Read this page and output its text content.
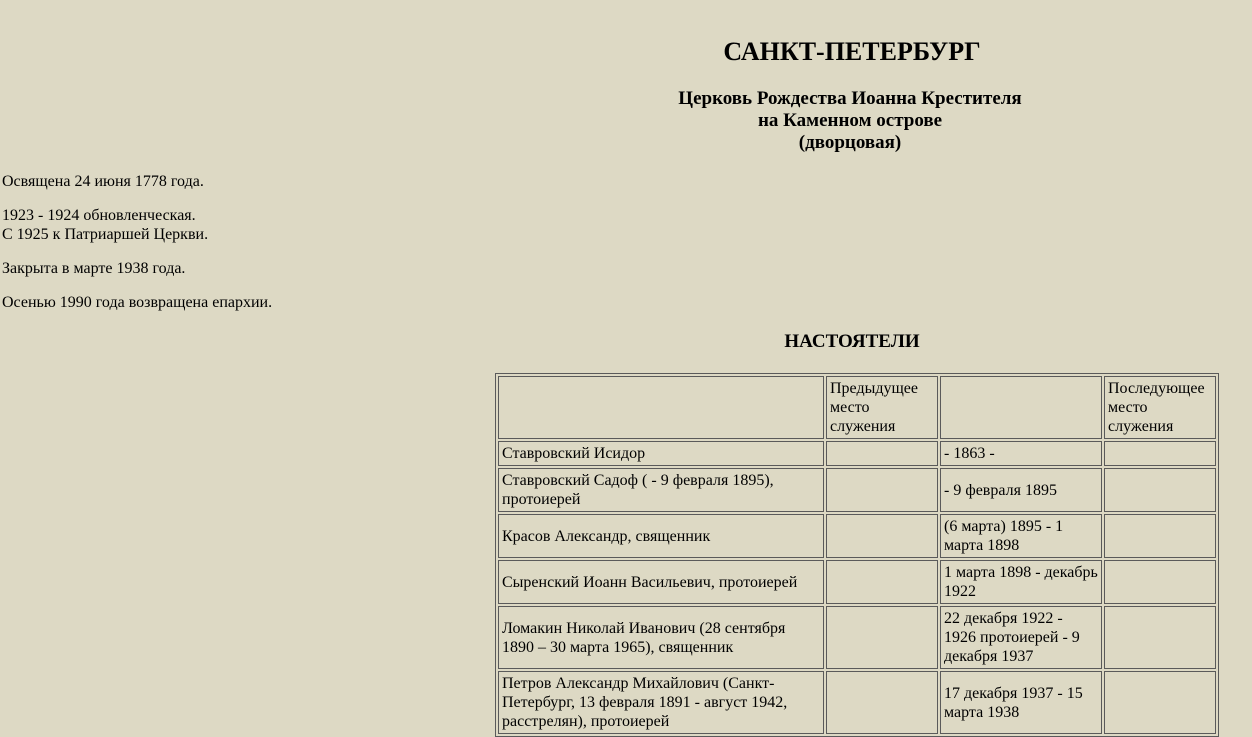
САНКТ-ПЕТЕРБУРГ
Церковь Рождества Иоанна Крестителя
на Каменном острове
(дворцовая)

Освящена 24 июня 1778 года.

1923 - 1924 обновленческая.

С 1925 к Патриаршей Церкви.

Закрыта в марте 1938 года.

Осенью 1990 года возвращена епархии.

НАСТОЯТЕЛИ
	Предыдущее место служения		Последующее место служения
Ставровский Исидор		- 1863 -	
Ставровский Садоф ( - 9 февраля 1895), протоиерей		- 9 февраля 1895	
Красов Александр, священник		(6 марта) 1895 - 1 марта 1898	
Сыренский Иоанн Васильевич, протоиерей		1 марта 1898 - декабрь 1922	
Ломакин Николай Иванович (28 сентября 1890 – 30 марта 1965), священник		22 декабря 1922 - 1926 протоиерей - 9 декабря 1937	
Петров Александр Михайлович (Санкт-Петербург, 13 февраля 1891 - август 1942, расстрелян), протоиерей		17 декабря 1937 - 15 марта 1938	
